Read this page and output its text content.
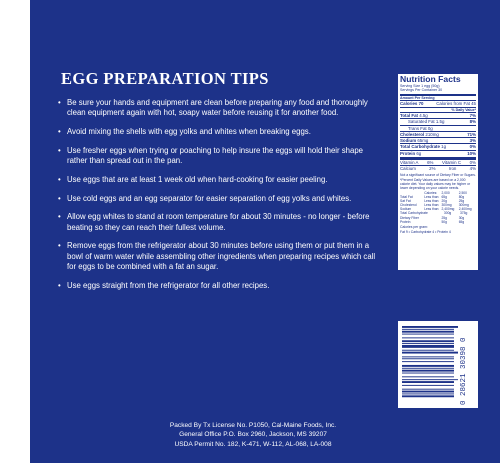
EGG PREPARATION TIPS
• Be sure your hands and equipment are clean before preparing any food and thoroughly clean equipment again with hot, soapy water before reusing it for another food.
• Avoid mixing the shells with egg yolks and whites when breaking eggs.
• Use fresher eggs when trying or poaching to help insure the eggs will hold their shape rather than spread out in the pan.
• Use eggs that are at least 1 week old when hard-cooking for easier peeling.
• Use cold eggs and an egg separator for easier separation of egg yolks and whites.
• Allow egg whites to stand at room temperature for about 30 minutes - no longer - before beating so they can reach their fullest volume.
• Remove eggs from the refrigerator about 30 minutes before using them or put them in a bowl of warm water while assembling other ingredients when preparing recipes which call for eggs to be combined with a fat an sugar.
• Use eggs straight from the refrigerator for all other recipes.
Nutrition Facts
Serving Size 1 egg (50g)
Servings Per Container 30
Amount Per Serving
Calories 70	Calories from Fat 45
% Daily Value*
Total Fat 4.5g	7%
Saturated Fat 1.5g	8%
Trans Fat 0g
Cholesterol 210mg	71%
Sodium 65mg	3%
Total Carbohydrate 1g	0%
Protein 6g	10%
Vitamin A 6% Vitamin C 0%
Calcium	2%	Iron	4%
Not a significant source of Dietary Fiber or Sugars.
*Percent Daily Values are based on a 2,000 calorie diet. Your daily values may be higher or lower depending on your calorie needs.
Calories:	2,000	2,500
Total Fat	Less than 65g	80g
Sat Fat	Less than 20g	25g
Cholesterol	Less than 300mg	300mg
Sodium	Less than 2,400mg	2,400mg
Total Carbohydrate	300g	375g
Dietary Fiber	25g	30g
Protein	50g	65g
Calories per gram:
Fat 9 • Carbohydrate 4 • Protein 4
0 28621 30398 0
Packed By Tx License No. P1050, Cal-Maine Foods, Inc.
General Office P.O. Box 2960, Jackson, MS 39207
USDA Permit No. 182, K-471, W-112, AL-068, LA-008
